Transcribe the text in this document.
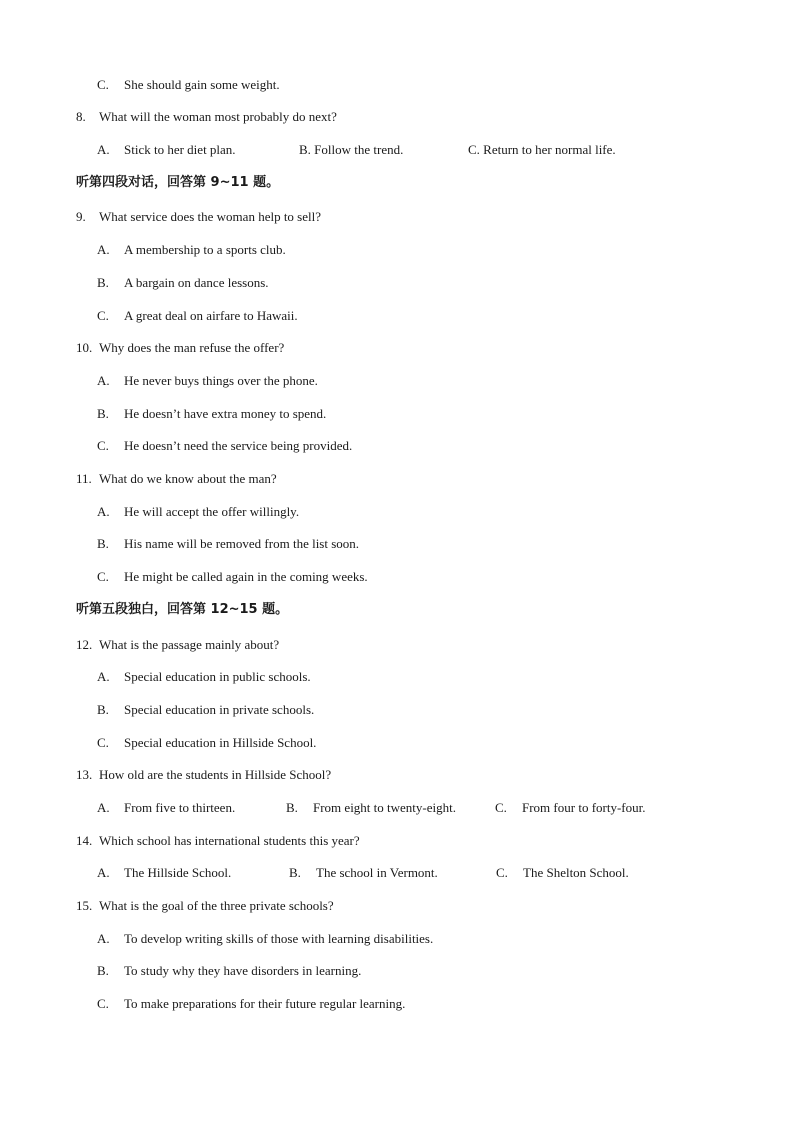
C. She should gain some weight.
8. What will the woman most probably do next?
A. Stick to her diet plan.	B. Follow the trend.	C. Return to her normal life.
听第四段对话，回答第 9~11 题。
9. What service does the woman help to sell?
A. A membership to a sports club.
B. A bargain on dance lessons.
C. A great deal on airfare to Hawaii.
10. Why does the man refuse the offer?
A. He never buys things over the phone.
B. He doesn’t have extra money to spend.
C. He doesn’t need the service being provided.
11. What do we know about the man?
A. He will accept the offer willingly.
B. His name will be removed from the list soon.
C. He might be called again in the coming weeks.
听第五段独白，回答第 12~15 题。
12. What is the passage mainly about?
A. Special education in public schools.
B. Special education in private schools.
C. Special education in Hillside School.
13. How old are the students in Hillside School?
A. From five to thirteen.	B. From eight to twenty-eight.	C. From four to forty-four.
14. Which school has international students this year?
A. The Hillside School.	B. The school in Vermont.	C. The Shelton School.
15. What is the goal of the three private schools?
A. To develop writing skills of those with learning disabilities.
B. To study why they have disorders in learning.
C. To make preparations for their future regular learning.
